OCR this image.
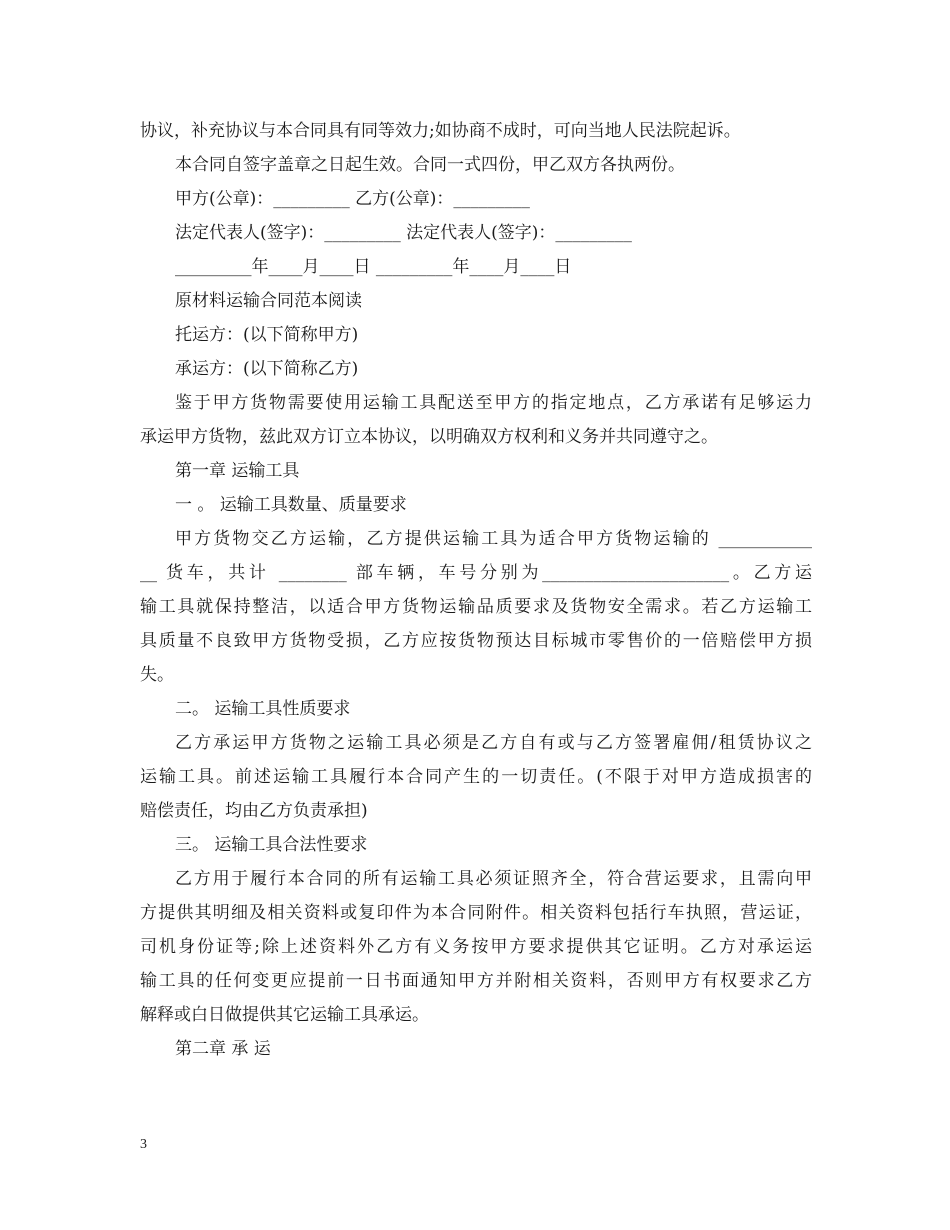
协议，补充协议与本合同具有同等效力;如协商不成时，可向当地人民法院起诉。
本合同自签字盖章之日起生效。合同一式四份，甲乙双方各执两份。
甲方(公章)：_________ 乙方(公章)：_________
法定代表人(签字)：_________ 法定代表人(签字)：_________
_________年____月____日 _________年____月____日
原材料运输合同范本阅读
托运方：(以下简称甲方)
承运方：(以下简称乙方)
鉴于甲方货物需要使用运输工具配送至甲方的指定地点，乙方承诺有足够运力
承运甲方货物，兹此双方订立本协议，以明确双方权利和义务并共同遵守之。
第一章 运输工具
一 。 运输工具数量、质量要求
甲方货物交乙方运输，乙方提供运输工具为适合甲方货物运输的 ___________
__ 货车，共计 ________ 部车辆，车号分别为______________________。乙方运
输工具就保持整洁，以适合甲方货物运输品质要求及货物安全需求。若乙方运输工
具质量不良致甲方货物受损，乙方应按货物预达目标城市零售价的一倍赔偿甲方损
失。
二。 运输工具性质要求
乙方承运甲方货物之运输工具必须是乙方自有或与乙方签署雇佣/租赁协议之
运输工具。前述运输工具履行本合同产生的一切责任。(不限于对甲方造成损害的
赔偿责任，均由乙方负责承担)
三。 运输工具合法性要求
乙方用于履行本合同的所有运输工具必须证照齐全，符合营运要求，且需向甲
方提供其明细及相关资料或复印件为本合同附件。相关资料包括行车执照，营运证，
司机身份证等;除上述资料外乙方有义务按甲方要求提供其它证明。乙方对承运运
输工具的任何变更应提前一日书面通知甲方并附相关资料，否则甲方有权要求乙方
解释或白日做提供其它运输工具承运。
第二章 承 运
3
